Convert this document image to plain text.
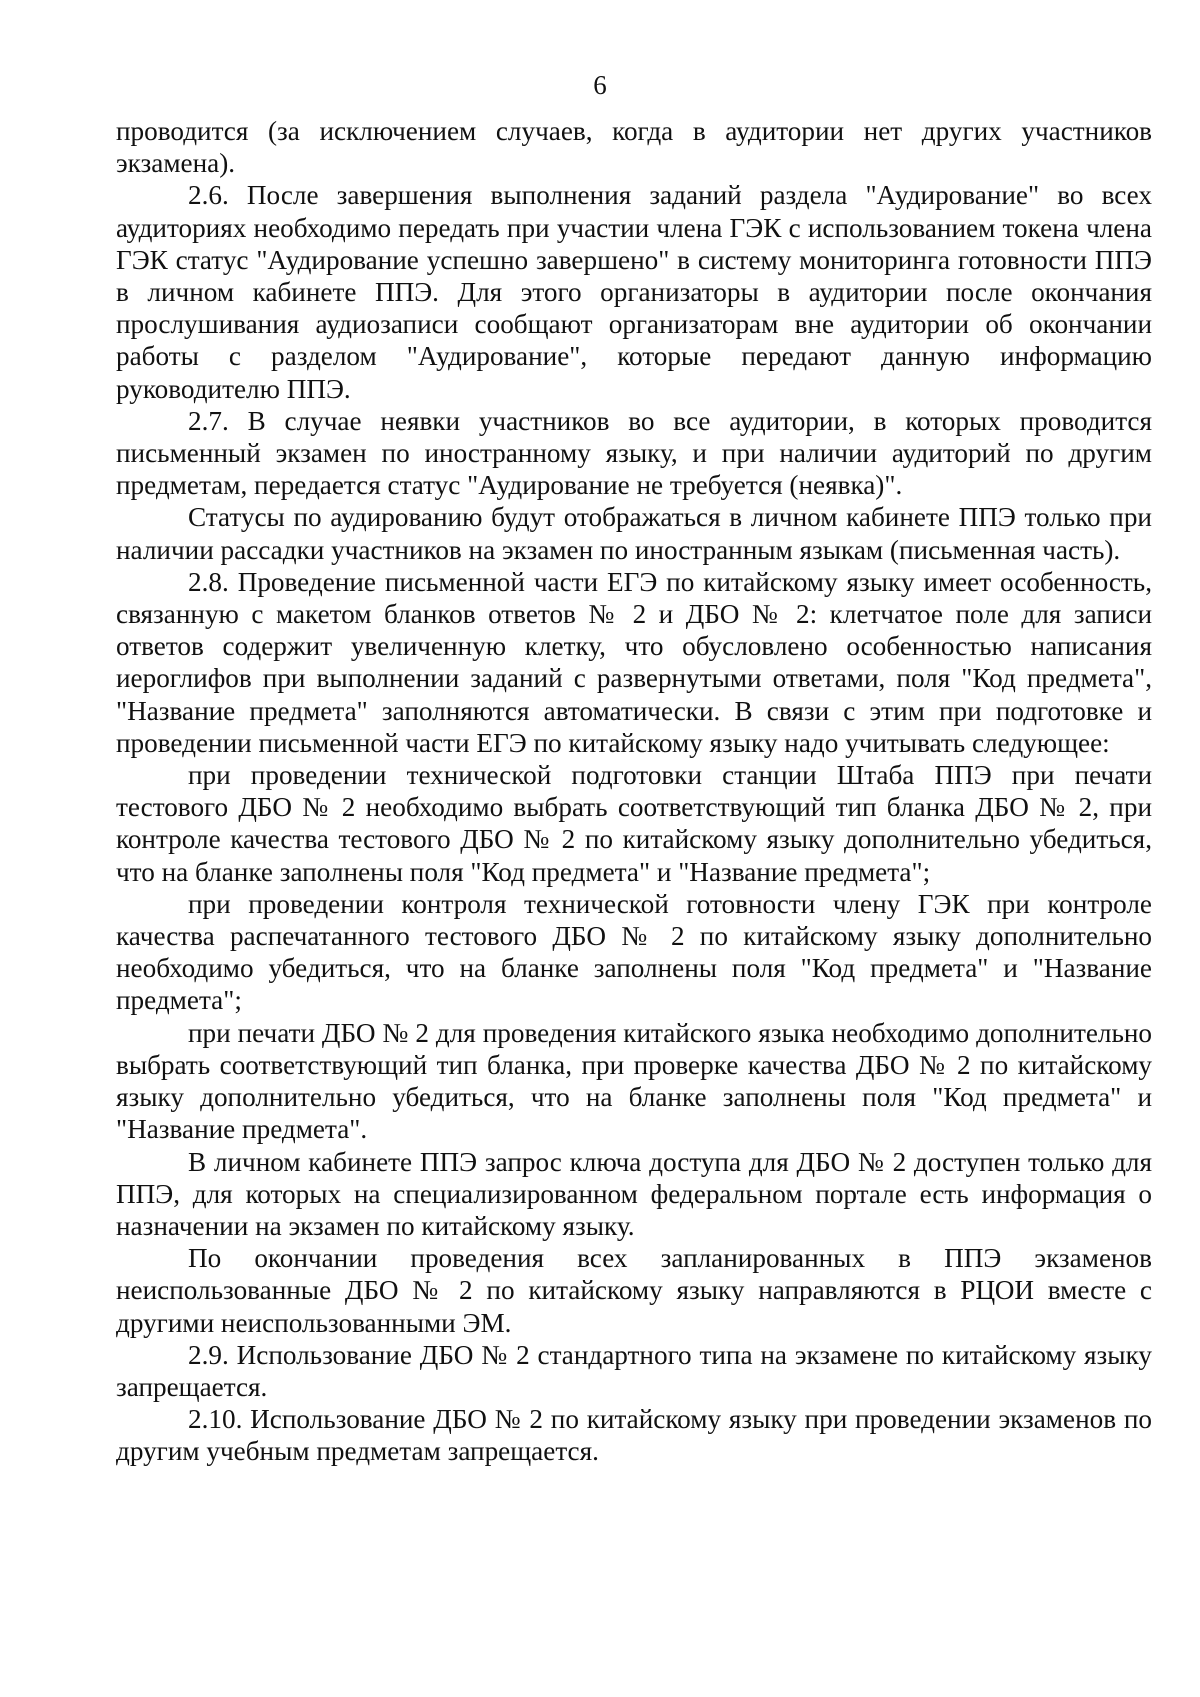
6

проводится (за исключением случаев, когда в аудитории нет других участников экзамена).

2.6. После завершения выполнения заданий раздела "Аудирование" во всех аудиториях необходимо передать при участии члена ГЭК с использованием токена члена ГЭК статус "Аудирование успешно завершено" в систему мониторинга готовности ППЭ в личном кабинете ППЭ. Для этого организаторы в аудитории после окончания прослушивания аудиозаписи сообщают организаторам вне аудитории об окончании работы с разделом "Аудирование", которые передают данную информацию руководителю ППЭ.

2.7. В случае неявки участников во все аудитории, в которых проводится письменный экзамен по иностранному языку, и при наличии аудиторий по другим предметам, передается статус "Аудирование не требуется (неявка)".

Статусы по аудированию будут отображаться в личном кабинете ППЭ только при наличии рассадки участников на экзамен по иностранным языкам (письменная часть).

2.8. Проведение письменной части ЕГЭ по китайскому языку имеет особенность, связанную с макетом бланков ответов № 2 и ДБО № 2: клетчатое поле для записи ответов содержит увеличенную клетку, что обусловлено особенностью написания иероглифов при выполнении заданий с развернутыми ответами, поля "Код предмета", "Название предмета" заполняются автоматически. В связи с этим при подготовке и проведении письменной части ЕГЭ по китайскому языку надо учитывать следующее:

при проведении технической подготовки станции Штаба ППЭ при печати тестового ДБО № 2 необходимо выбрать соответствующий тип бланка ДБО № 2, при контроле качества тестового ДБО № 2 по китайскому языку дополнительно убедиться, что на бланке заполнены поля "Код предмета" и "Название предмета";

при проведении контроля технической готовности члену ГЭК при контроле качества распечатанного тестового ДБО № 2 по китайскому языку дополнительно необходимо убедиться, что на бланке заполнены поля "Код предмета" и "Название предмета";

при печати ДБО № 2 для проведения китайского языка необходимо дополнительно выбрать соответствующий тип бланка, при проверке качества ДБО № 2 по китайскому языку дополнительно убедиться, что на бланке заполнены поля "Код предмета" и "Название предмета".

В личном кабинете ППЭ запрос ключа доступа для ДБО № 2 доступен только для ППЭ, для которых на специализированном федеральном портале есть информация о назначении на экзамен по китайскому языку.

По окончании проведения всех запланированных в ППЭ экзаменов неиспользованные ДБО № 2 по китайскому языку направляются в РЦОИ вместе с другими неиспользованными ЭМ.

2.9. Использование ДБО № 2 стандартного типа на экзамене по китайскому языку запрещается.

2.10. Использование ДБО № 2 по китайскому языку при проведении экзаменов по другим учебным предметам запрещается.
